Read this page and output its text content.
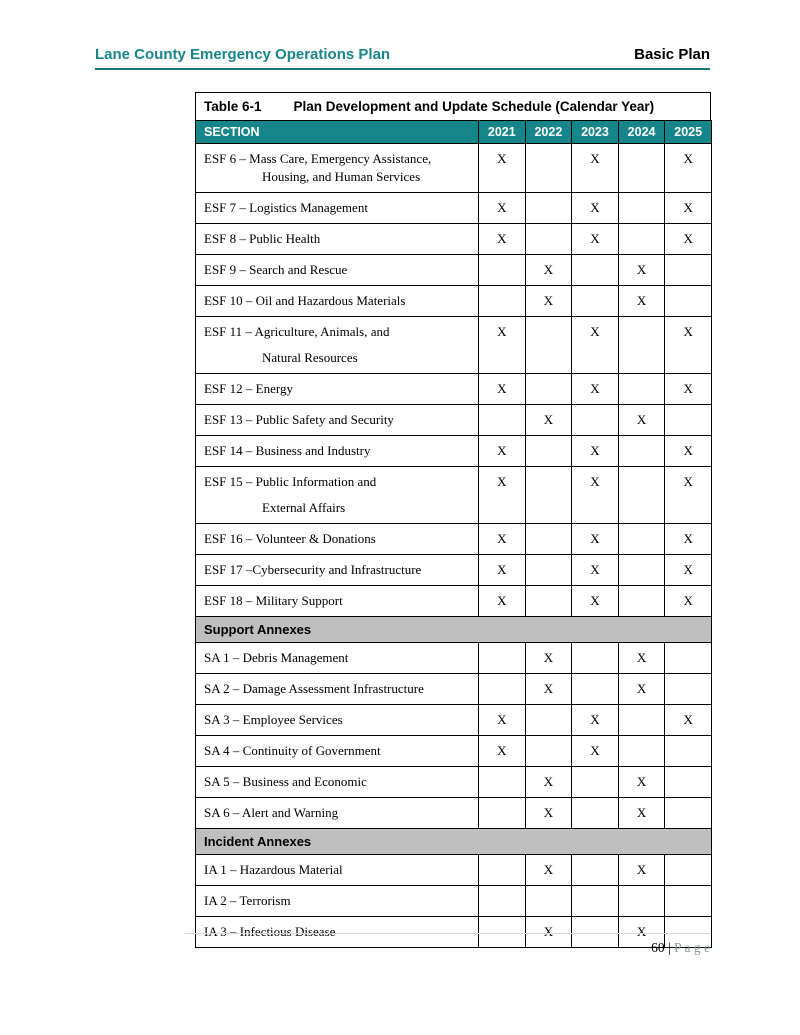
Lane County Emergency Operations Plan	Basic Plan
Table 6-1 Plan Development and Update Schedule (Calendar Year)
SECTION	2021	2022	2023	2024	2025

ESF 6 – Mass Care, Emergency Assistance,
Housing, and Human Services	X		X		X

ESF 7 – Logistics Management	X		X		X

ESF 8 – Public Health	X		X		X

ESF 9 – Search and Rescue		X		X	

ESF 10 – Oil and Hazardous Materials		X		X	

ESF 11 – Agriculture, Animals, and
Natural Resources	X		X		X

ESF 12 – Energy	X		X		X

ESF 13 – Public Safety and Security		X		X	

ESF 14 – Business and Industry	X		X		X

ESF 15 – Public Information and
External Affairs	X		X		X

ESF 16 – Volunteer & Donations	X		X		X

ESF 17 –Cybersecurity and Infrastructure	X		X		X

ESF 18 – Military Support	X		X		X
Support Annexes					

SA 1 – Debris Management		X		X	

SA 2 – Damage Assessment Infrastructure		X		X	

SA 3 – Employee Services	X		X		X

SA 4 – Continuity of Government	X		X		

SA 5 – Business and Economic		X		X	

SA 6 – Alert and Warning		X		X	
Incident Annexes					

IA 1 – Hazardous Material		X		X	

IA 2 – Terrorism					

IA 3 – Infectious Disease		X		X	
60 | P a g e
